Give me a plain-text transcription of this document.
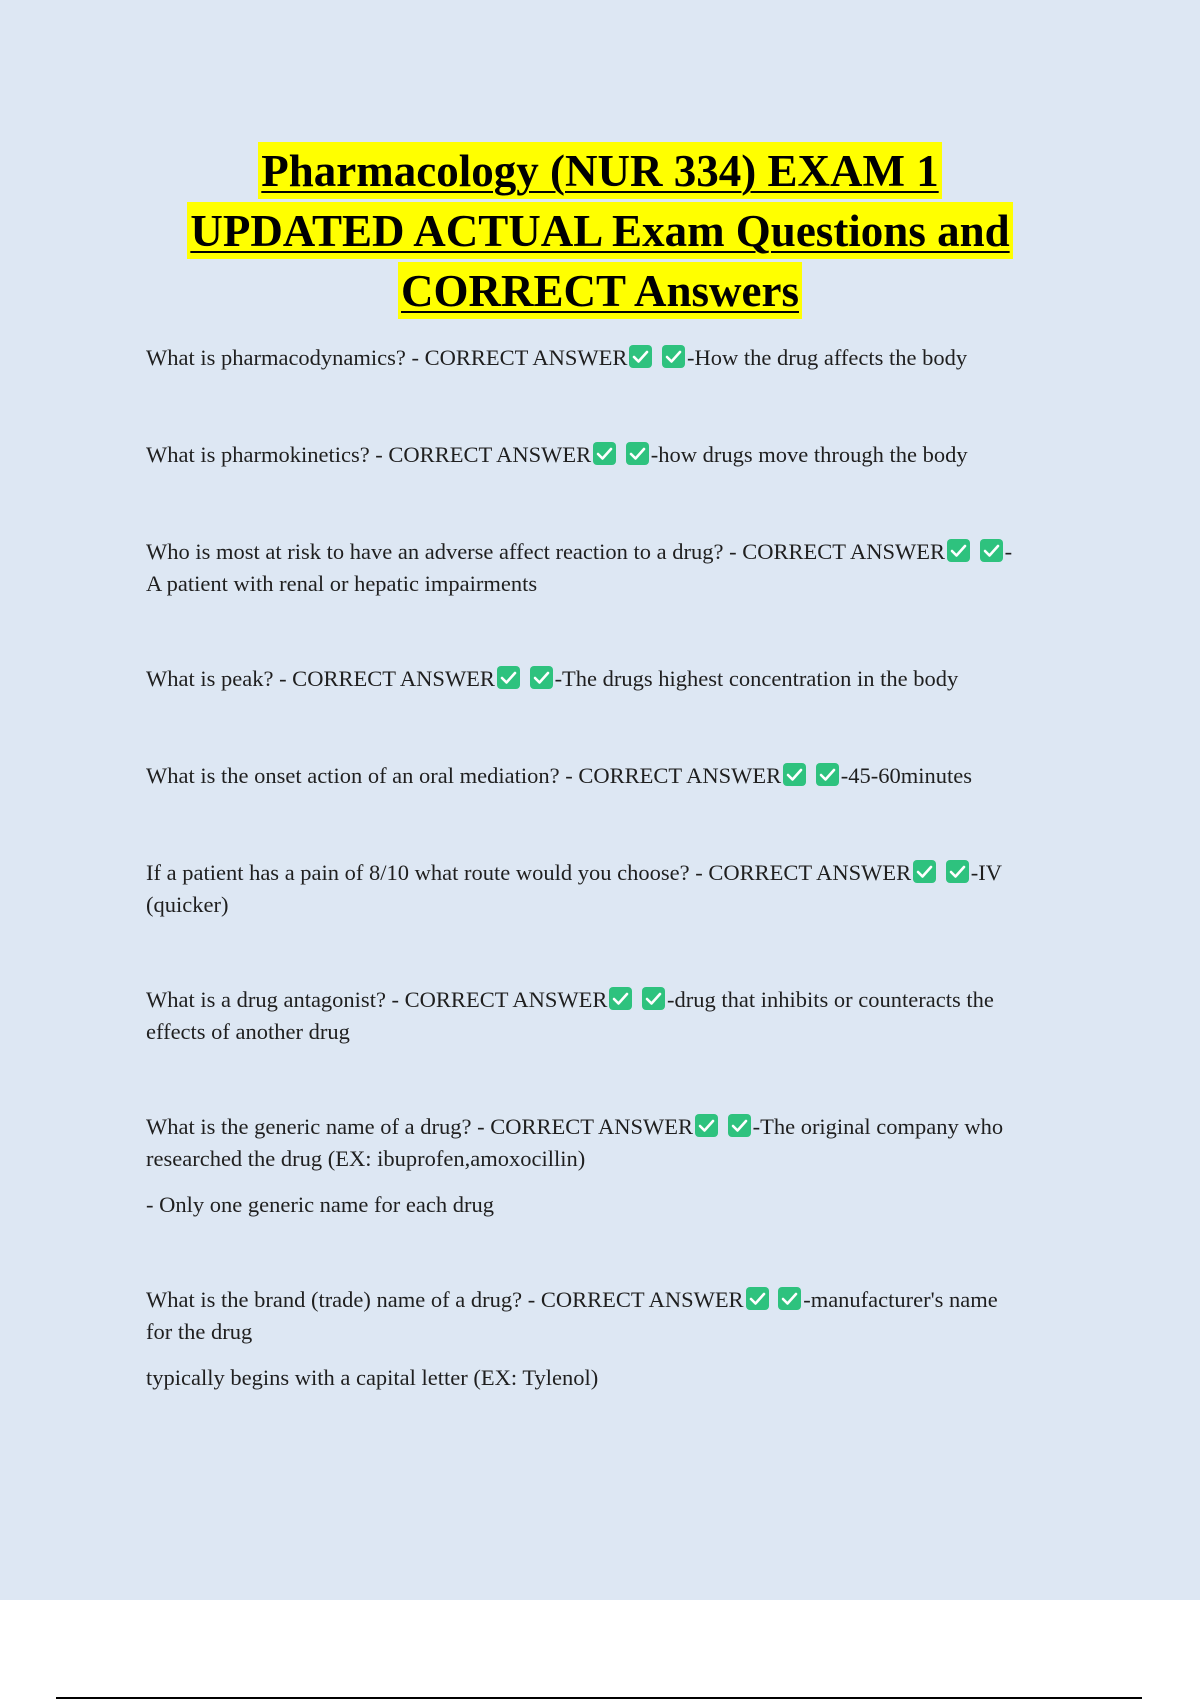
Pharmacology (NUR 334) EXAM 1
UPDATED ACTUAL Exam Questions and
CORRECT Answers
What is pharmacodynamics? - CORRECT ANSWER
	-How the drug affects the body
What is pharmokinetics? - CORRECT ANSWER
	-how drugs move through the body
Who is most at risk to have an adverse affect reaction to a drug? - CORRECT ANSWER
	-
A patient with renal or hepatic impairments
What is peak? - CORRECT ANSWER
	-The drugs highest concentration in the body
What is the onset action of an oral mediation? - CORRECT ANSWER
	-45-60minutes
If a patient has a pain of 8/10 what route would you choose? - CORRECT ANSWER
	-IV
(quicker)
What is a drug antagonist? - CORRECT ANSWER
	-drug that inhibits or counteracts the
effects of another drug
What is the generic name of a drug? - CORRECT ANSWER
	-The original company who
researched the drug (EX: ibuprofen,amoxocillin)
- Only one generic name for each drug
What is the brand (trade) name of a drug? - CORRECT ANSWER
	-manufacturer's name
for the drug
typically begins with a capital letter (EX: Tylenol)
